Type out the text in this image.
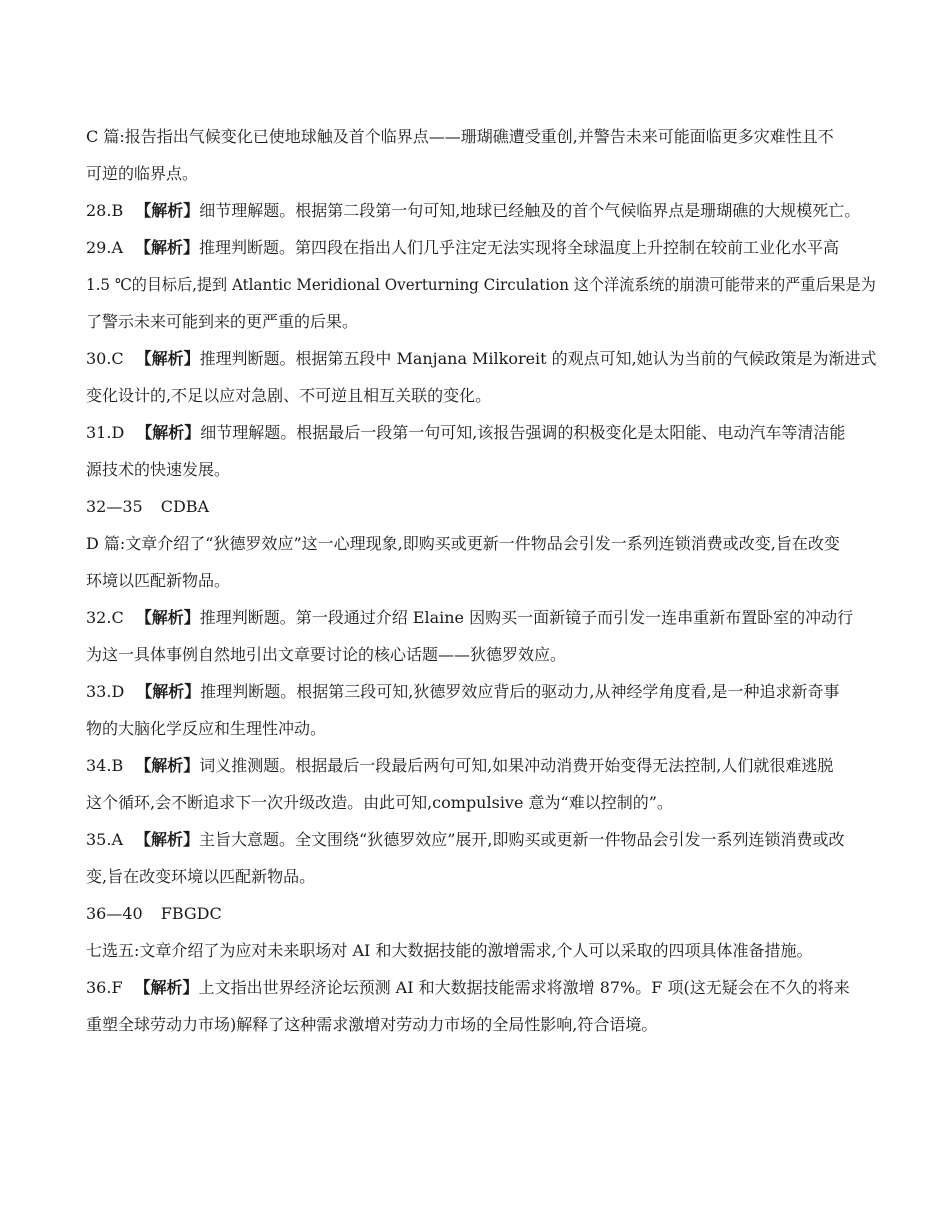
C 篇:报告指出气候变化已使地球触及首个临界点——珊瑚礁遭受重创,并警告未来可能面临更多灾难性且不
可逆的临界点。
28.B 【解析】细节理解题。根据第二段第一句可知,地球已经触及的首个气候临界点是珊瑚礁的大规模死亡。
29.A 【解析】推理判断题。第四段在指出人们几乎注定无法实现将全球温度上升控制在较前工业化水平高
1.5 ℃的目标后,提到 Atlantic Meridional Overturning Circulation 这个洋流系统的崩溃可能带来的严重后果是为
了警示未来可能到来的更严重的后果。
30.C 【解析】推理判断题。根据第五段中 Manjana Milkoreit 的观点可知,她认为当前的气候政策是为渐进式
变化设计的,不足以应对急剧、不可逆且相互关联的变化。
31.D 【解析】细节理解题。根据最后一段第一句可知,该报告强调的积极变化是太阳能、电动汽车等清洁能
源技术的快速发展。
32—35 CDBA
D 篇:文章介绍了“狄德罗效应”这一心理现象,即购买或更新一件物品会引发一系列连锁消费或改变,旨在改变
环境以匹配新物品。
32.C 【解析】推理判断题。第一段通过介绍 Elaine 因购买一面新镜子而引发一连串重新布置卧室的冲动行
为这一具体事例自然地引出文章要讨论的核心话题——狄德罗效应。
33.D 【解析】推理判断题。根据第三段可知,狄德罗效应背后的驱动力,从神经学角度看,是一种追求新奇事
物的大脑化学反应和生理性冲动。
34.B 【解析】词义推测题。根据最后一段最后两句可知,如果冲动消费开始变得无法控制,人们就很难逃脱
这个循环,会不断追求下一次升级改造。由此可知,compulsive 意为“难以控制的”。
35.A 【解析】主旨大意题。全文围绕“狄德罗效应”展开,即购买或更新一件物品会引发一系列连锁消费或改
变,旨在改变环境以匹配新物品。
36—40 FBGDC
七选五:文章介绍了为应对未来职场对 AI 和大数据技能的激增需求,个人可以采取的四项具体准备措施。
36.F 【解析】上文指出世界经济论坛预测 AI 和大数据技能需求将激增 87%。F 项(这无疑会在不久的将来
重塑全球劳动力市场)解释了这种需求激增对劳动力市场的全局性影响,符合语境。
